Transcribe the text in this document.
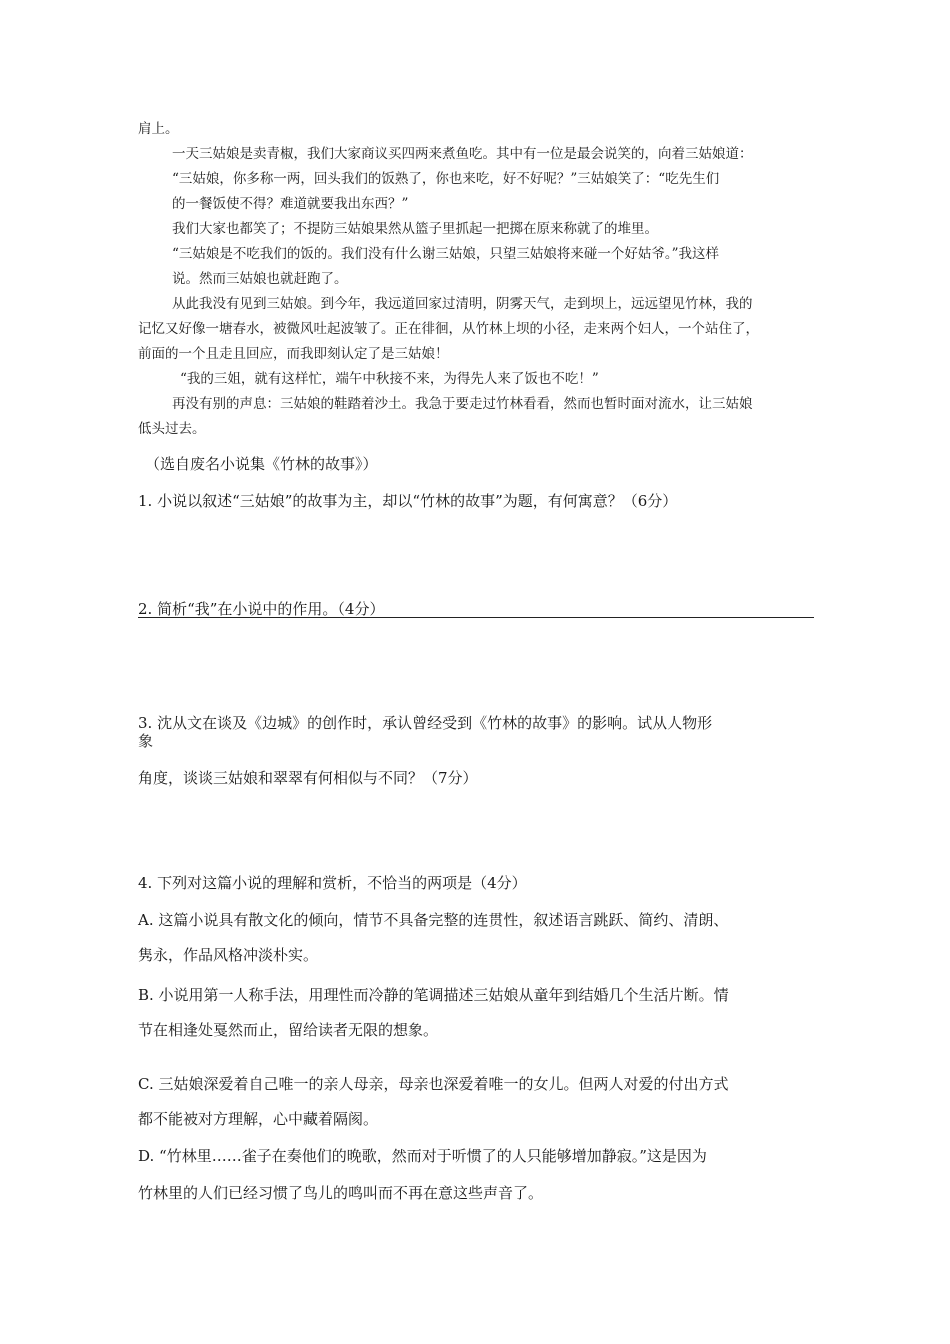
肩上。
一天三姑娘是卖青椒，我们大家商议买四两来煮鱼吃。其中有一位是最会说笑的，向着三姑娘道：
“三姑娘，你多称一两，回头我们的饭熟了，你也来吃，好不好呢？”三姑娘笑了：“吃先生们
的一餐饭使不得？难道就要我出东西？”
我们大家也都笑了；不提防三姑娘果然从篮子里抓起一把掷在原来称就了的堆里。
“三姑娘是不吃我们的饭的。我们没有什么谢三姑娘，只望三姑娘将来碰一个好姑爷。”我这样
说。然而三姑娘也就赶跑了。
从此我没有见到三姑娘。到今年，我远道回家过清明，阴雾天气，走到坝上，远远望见竹林，我的
记忆又好像一塘春水，被微风吐起波皱了。正在徘徊，从竹林上坝的小径，走来两个妇人，一个站住了，
前面的一个且走且回应，而我即刻认定了是三姑娘！
“我的三姐，就有这样忙，端午中秋接不来，为得先人来了饭也不吃！”
再没有别的声息：三姑娘的鞋踏着沙土。我急于要走过竹林看看，然而也暂时面对流水，让三姑娘
低头过去。
（选自废名小说集《竹林的故事》）
1. 小说以叙述“三姑娘”的故事为主，却以“竹林的故事”为题，有何寓意？（6分）
2. 简析“我”在小说中的作用。（4分）
3. 沈从文在谈及《边城》的创作时，承认曾经受到《竹林的故事》的影响。试从人物形
象
角度，谈谈三姑娘和翠翠有何相似与不同？（7分）
4. 下列对这篇小说的理解和赏析，不恰当的两项是（4分）
A. 这篇小说具有散文化的倾向，情节不具备完整的连贯性，叙述语言跳跃、简约、清朗、
隽永，作品风格冲淡朴实。
B. 小说用第一人称手法，用理性而冷静的笔调描述三姑娘从童年到结婚几个生活片断。情
节在相逢处戛然而止，留给读者无限的想象。
C. 三姑娘深爱着自己唯一的亲人母亲，母亲也深爱着唯一的女儿。但两人对爱的付出方式
都不能被对方理解，心中藏着隔阂。
D. “竹林里……雀子在奏他们的晚歌，然而对于听惯了的人只能够增加静寂。”这是因为
竹林里的人们已经习惯了鸟儿的鸣叫而不再在意这些声音了。
